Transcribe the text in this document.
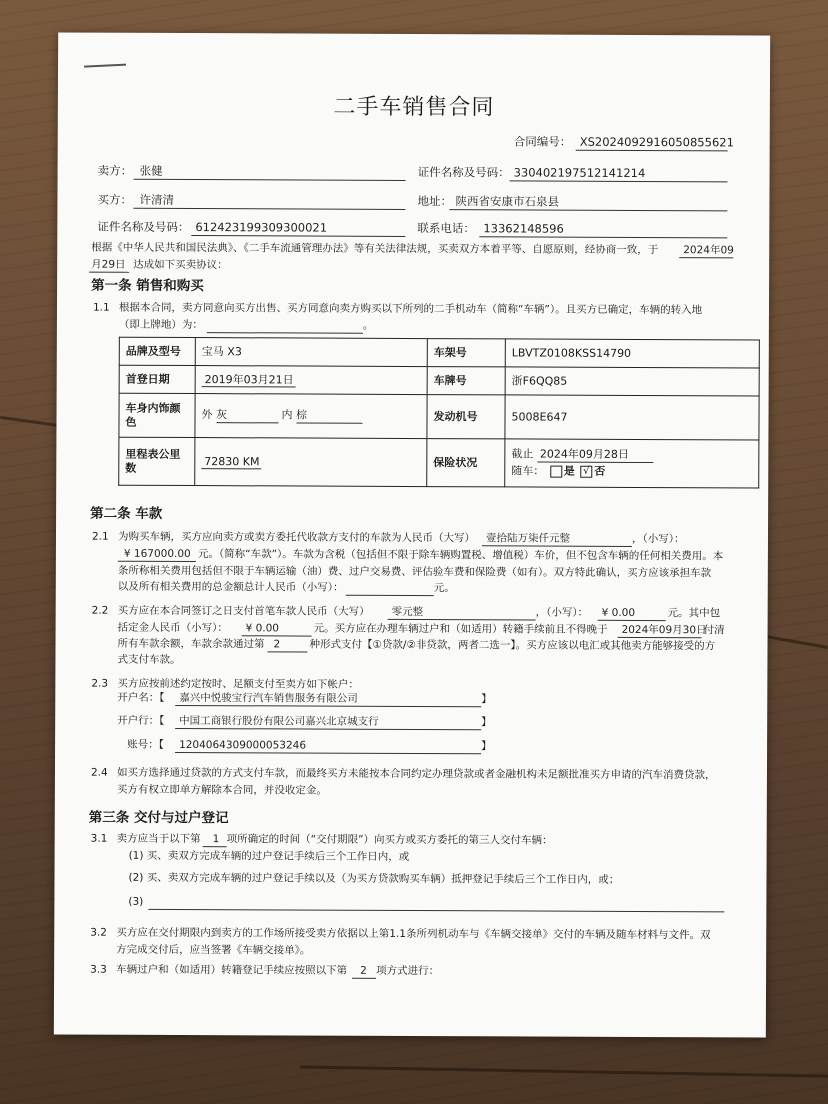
二手车销售合同
合同编号： XS20240929160508556​21
卖方： 张健	证件名称及号码： 330402197512141214
买方： 许清清	地址： 陕西省安康市石泉县
证件名称及号码： 612423199309300021	联系电话： 13362148596
根据《中华人民共和国民法典》、《二手车流通管理办法》等有关法律法规，买卖双方本着平等、自愿原则，经协商一致，于 2024年09
月29日 达成如下买卖协议：
第一条 销售和购买
1.1 根据本合同，卖方同意向买方出售、买方同意向卖方购买以下所列的二手机动车（简称“车辆”）。且买方已确定，车辆的转入地
（即上牌地）为：	。
品牌及型号	宝马 X3	车架号	LBVTZ0108KSS14790
首登日期	2019年03月21日	车牌号	浙F6QQ85
车身内饰颜色	外 灰 内 棕	发动机号	5008E647
里程表公里数	72830 KM	保险状况	截止 2024年09月28日
随车： 是 √ 否
第二条 车款
2.1 为购买车辆，买方应向卖方或卖方委托代收款方支付的车款为人民币（大写） 壹拾陆万柒仟元整	，（小写）：
¥ 167000.00 元。（简称“车款”）。车款为含税（包括但不限于除车辆购置税、增值税）车价，但不包含车辆的任何相关费用。本
条所称相关费用包括但不限于车辆运输（油）费、过户交易费、评估验车费和保险费（如有）。双方特此确认，买方应该承担车款
以及所有相关费用的总金额总计人民币（小写）：	元。
2.2 买方应在本合同签订之日支付首笔车款人民币（大写） 零元整	，（小写）： ¥ 0.00	元。其中包
括定金人民币（小写）： ¥ 0.00	元。买方应在办理车辆过户和（如适用）转籍手续前且不得晚于 2024年09月30日
付清
所有车款余额，车款余款通过第 2	种形式支付【①贷款/②非贷款，两者二选一】。买方应该以电汇或其他卖方能够接受的方
式支付车款。
2.3 买方应按前述约定按时、足额支付至卖方如下帐户：
开户名：【 嘉兴中悦骏宝行汽车销售服务有限公司	】
开户行：【 中国工商银行股份有限公司嘉兴北京城支行	】
账号：【 1204064309000053246	】
2.4 如买方选择通过贷款的方式支付车款，而最终买方未能按本合同约定办理贷款或者金融机构未足额批准买方申请的汽车消费贷款，
买方有权立即单方解除本合同，并没收定金。
第三条 交付与过户登记
3.1 卖方应当于以下第 1 项所确定的时间（“交付期限”）向买方或买方委托的第三人交付车辆：
(1) 买、卖双方完成车辆的过户登记手续后三个工作日内，或
(2) 买、卖双方完成车辆的过户登记手续以及（为买方贷款购买车辆）抵押登记手续后三个工作日内，或；
(3)
3.2 买方应在交付期限内到卖方的工作场所接受卖方依据以上第1.1条所列机动车与《车辆交接单》交付的车辆及随车材料与文件。双
方完成交付后，应当签署《车辆交接单》。
3.3 车辆过户和（如适用）转籍登记手续应按照以下第 2 项方式进行：
